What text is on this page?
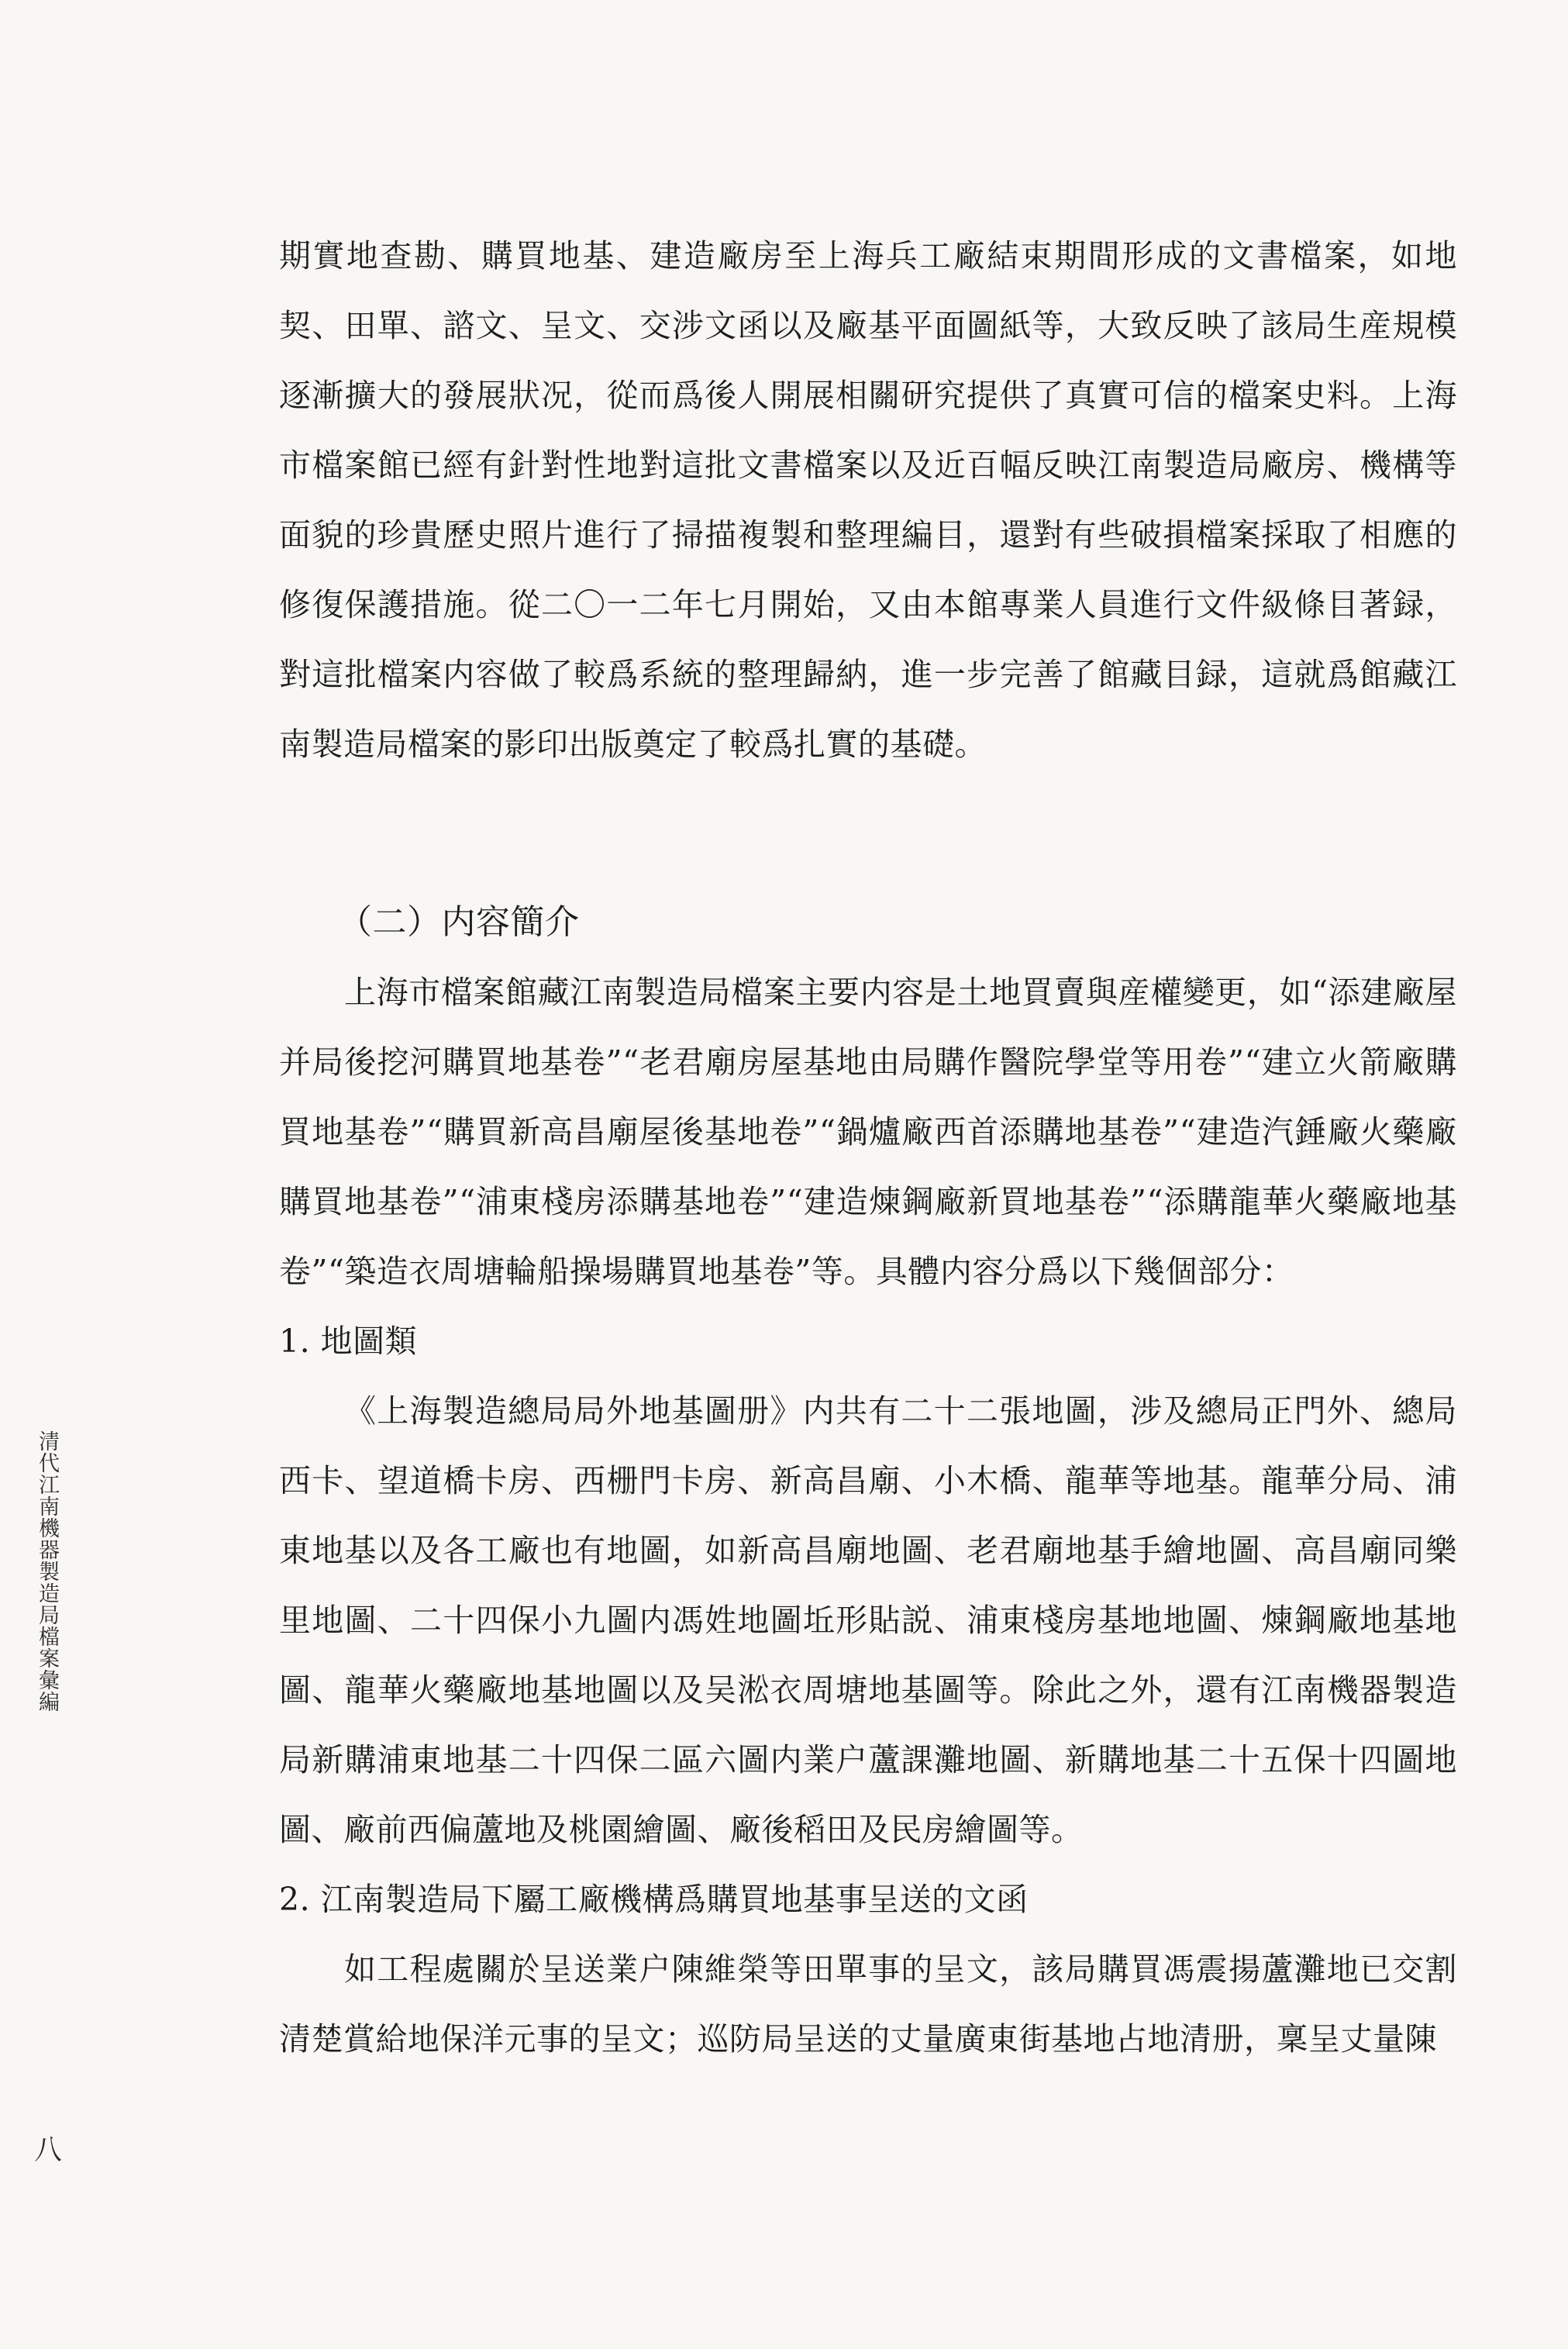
期實地查勘、購買地基、建造廠房至上海兵工廠結束期間形成的文書檔案，如地契、田單、諮文、呈文、交涉文函以及廠基平面圖紙等，大致反映了該局生産規模逐漸擴大的發展狀况，從而爲後人開展相關研究提供了真實可信的檔案史料。上海市檔案館已經有針對性地對這批文書檔案以及近百幅反映江南製造局廠房、機構等面貌的珍貴歷史照片進行了掃描複製和整理編目，還對有些破損檔案採取了相應的修復保護措施。從二〇一二年七月開始，又由本館專業人員進行文件級條目著録，對這批檔案内容做了較爲系統的整理歸納，進一步完善了館藏目録，這就爲館藏江南製造局檔案的影印出版奠定了較爲扎實的基礎。

（二）内容簡介

上海市檔案館藏江南製造局檔案主要内容是土地買賣與産權變更，如“添建廠屋并局後挖河購買地基卷”“老君廟房屋基地由局購作醫院學堂等用卷”“建立火箭廠購買地基卷”“購買新高昌廟屋後基地卷”“鍋爐廠西首添購地基卷”“建造汽錘廠火藥廠購買地基卷”“浦東棧房添購基地卷”“建造煉鋼廠新買地基卷”“添購龍華火藥廠地基卷”“築造衣周塘輪船操場購買地基卷”等。具體内容分爲以下幾個部分：

1. 地圖類

《上海製造總局局外地基圖册》内共有二十二張地圖，涉及總局正門外、總局西卡、望道橋卡房、西栅門卡房、新高昌廟、小木橋、龍華等地基。龍華分局、浦東地基以及各工廠也有地圖，如新高昌廟地圖、老君廟地基手繪地圖、高昌廟同樂里地圖、二十四保小九圖内馮姓地圖坵形貼説、浦東棧房基地地圖、煉鋼廠地基地圖、龍華火藥廠地基地圖以及吴淞衣周塘地基圖等。除此之外，還有江南機器製造局新購浦東地基二十四保二區六圖内業户蘆課灘地圖、新購地基二十五保十四圖地圖、廠前西偏蘆地及桃園繪圖、廠後稻田及民房繪圖等。

2. 江南製造局下屬工廠機構爲購買地基事呈送的文函

如工程處關於呈送業户陳維榮等田單事的呈文，該局購買馮震揚蘆灘地已交割清楚賞給地保洋元事的呈文；巡防局呈送的丈量廣東街基地占地清册，稟呈丈量陳

清代江南機器製造局檔案彙編
八
